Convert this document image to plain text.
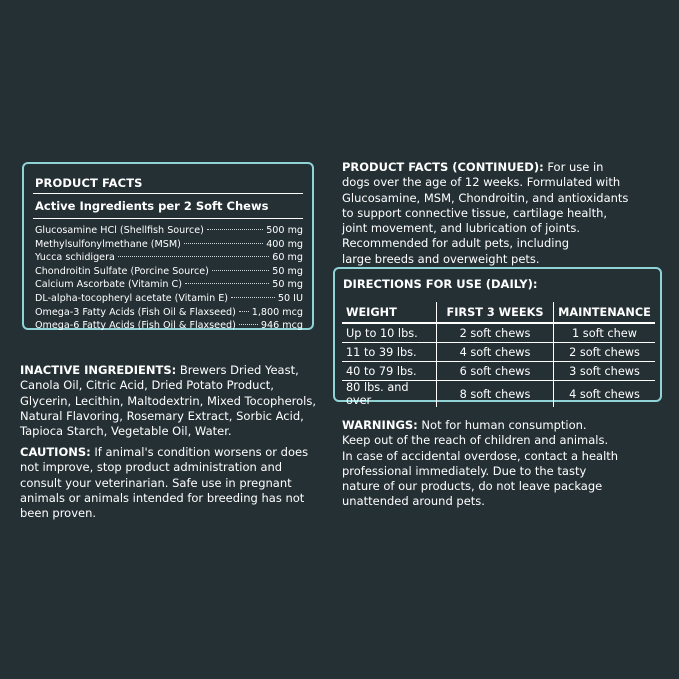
PRODUCT FACTS
Active Ingredients per 2 Soft Chews
Glucosamine HCl (Shellfish Source)	500 mg
Methylsulfonylmethane (MSM)	400 mg
Yucca schidigera	60 mg
Chondroitin Sulfate (Porcine Source)	50 mg
Calcium Ascorbate (Vitamin C)	50 mg
DL-alpha-tocopheryl acetate (Vitamin E)	50 IU
Omega-3 Fatty Acids (Fish Oil & Flaxseed) 1,800 mcg
Omega-6 Fatty Acids (Fish Oil & Flaxseed)	946 mcg
INACTIVE INGREDIENTS: Brewers Dried Yeast,
Canola Oil, Citric Acid, Dried Potato Product,
Glycerin, Lecithin, Maltodextrin, Mixed Tocopherols,
Natural Flavoring, Rosemary Extract, Sorbic Acid,
Tapioca Starch, Vegetable Oil, Water.
CAUTIONS: If animal's condition worsens or does
not improve, stop product administration and
consult your veterinarian. Safe use in pregnant
animals or animals intended for breeding has not
been proven.
PRODUCT FACTS (CONTINUED): For use in
dogs over the age of 12 weeks. Formulated with
Glucosamine, MSM, Chondroitin, and antioxidants
to support connective tissue, cartilage health,
joint movement, and lubrication of joints.
Recommended for adult pets, including
large breeds and overweight pets.
DIRECTIONS FOR USE (DAILY):
WEIGHT	FIRST 3 WEEKS	MAINTENANCE
Up to 10 lbs.	2 soft chews	1 soft chew
11 to 39 lbs.	4 soft chews	2 soft chews
40 to 79 lbs.	6 soft chews	3 soft chews
80 lbs. and over	8 soft chews	4 soft chews
WARNINGS: Not for human consumption.
Keep out of the reach of children and animals.
In case of accidental overdose, contact a health
professional immediately. Due to the tasty
nature of our products, do not leave package
unattended around pets.
